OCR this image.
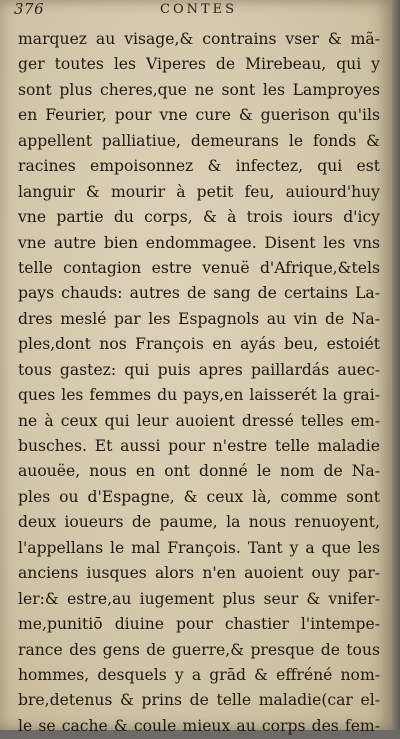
376	CONTES
marquez au visage,& contrains vser & mã-
ger toutes les Viperes de Mirebeau, qui y
sont plus cheres,que ne sont les Lamproyes
en Feurier, pour vne cure & guerison qu'ils
appellent palliatiue, demeurans le fonds &
racines empoisonnez & infectez, qui est
languir & mourir à petit feu, auiourd'huy
vne partie du corps, & à trois iours d'icy
vne autre bien endommagee. Disent les vns
telle contagion estre venuë d'Afrique,&tels
pays chauds: autres de sang de certains La-
dres meslé par les Espagnols au vin de Na-
ples,dont nos François en ayás beu, estoiét
tous gastez: qui puis apres paillardás auec-
ques les femmes du pays,en laisserét la grai-
ne à ceux qui leur auoient dressé telles em-
busches. Et aussi pour n'estre telle maladie
auouëe, nous en ont donné le nom de Na-
ples ou d'Espagne, & ceux là, comme sont
deux ioueurs de paume, la nous renuoyent,
l'appellans le mal François. Tant y a que les
anciens iusques alors n'en auoient ouy par-
ler:& estre,au iugement plus seur & vnifer-
me,punitiō diuine pour chastier l'intempe-
rance des gens de guerre,& presque de tous
hommes, desquels y a grād & effréné nom-
bre,detenus & prins de telle maladie(car el-
le se cache & coule mieux au corps des fem-
